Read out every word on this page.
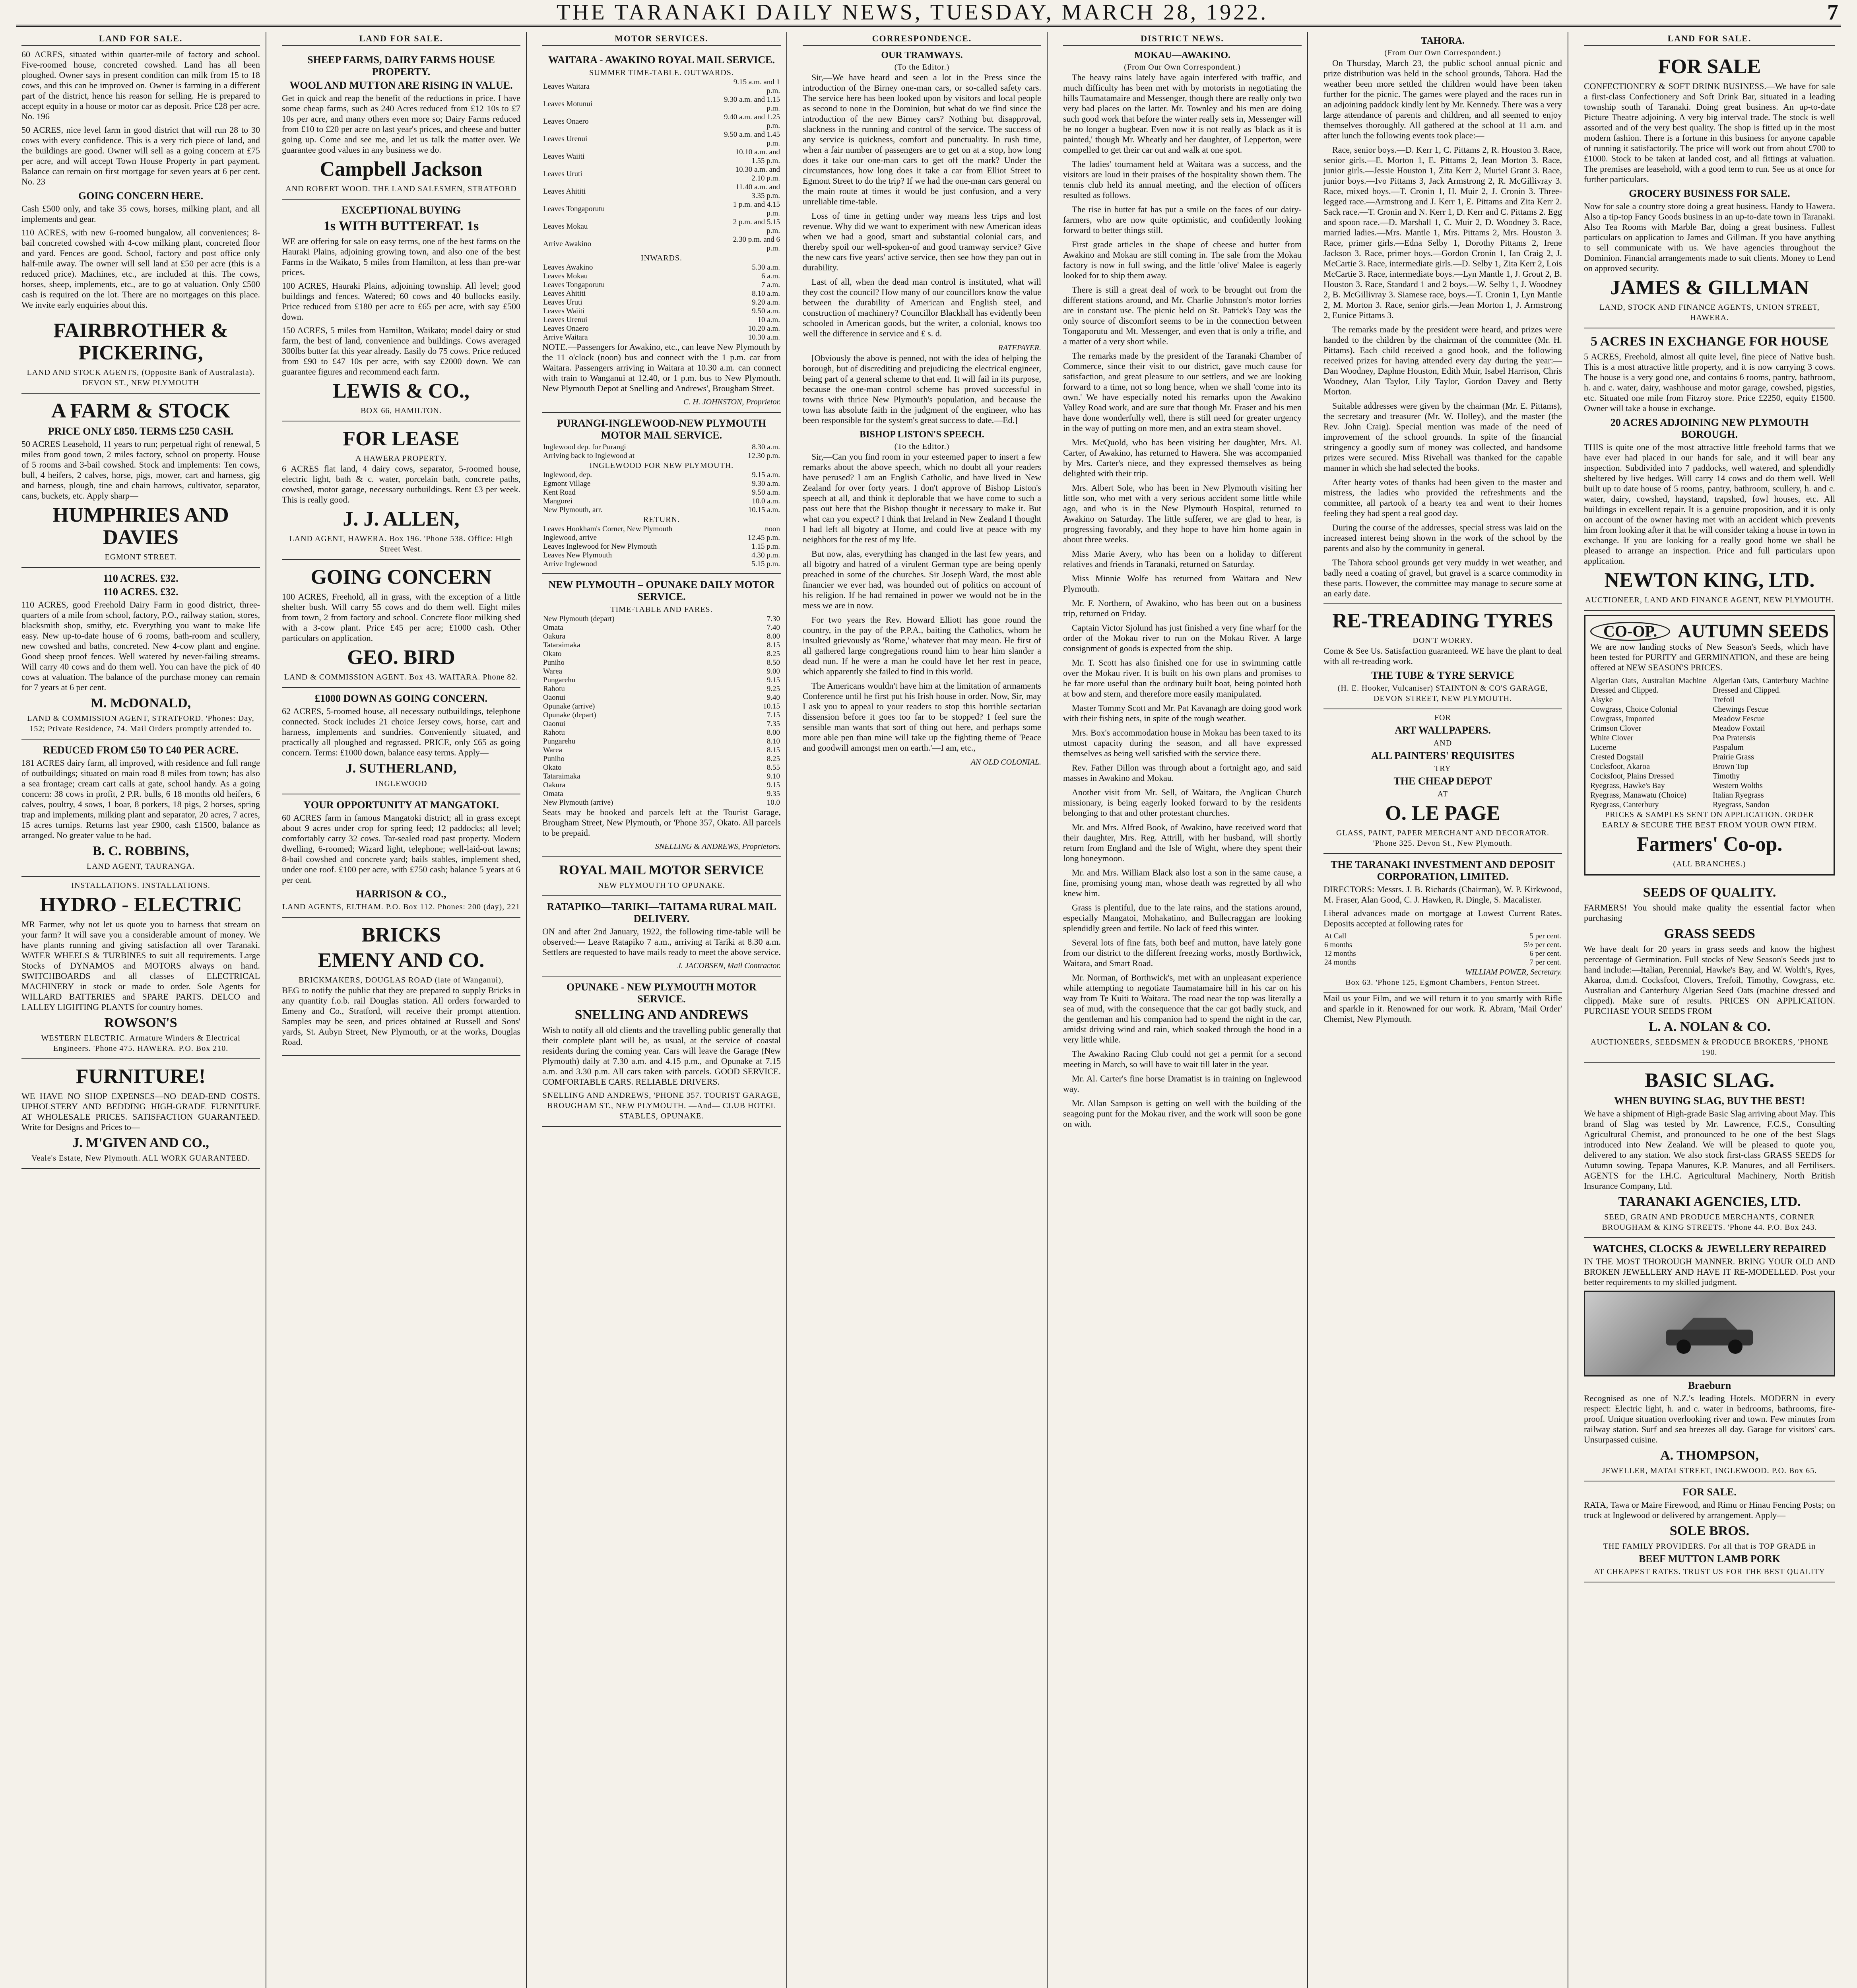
THE TARANAKI DAILY NEWS, TUESDAY, MARCH 28, 1922.	7
LAND FOR SALE.
60 ACRES, situated within quarter-mile of factory and school. Five-roomed house, concreted cowshed. Land has all been ploughed. Owner says in present condition can milk from 15 to 18 cows, and this can be improved on. Owner is farming in a different part of the district, hence his reason for selling. He is prepared to accept equity in a house or motor car as deposit. Price £28 per acre. No. 196
50 ACRES, nice level farm in good district that will run 28 to 30 cows with every confidence. This is a very rich piece of land, and the buildings are good. Owner will sell as a going concern at £75 per acre, and will accept Town House Property in part payment. Balance can remain on first mortgage for seven years at 6 per cent. No. 23
GOING CONCERN HERE.
Cash £500 only, and take 35 cows, horses, milking plant, and all implements and gear.
110 ACRES, with new 6-roomed bungalow, all conveniences; 8-bail concreted cowshed with 4-cow milking plant, concreted floor and yard. Fences are good. School, factory and post office only half-mile away. The owner will sell land at £50 per acre (this is a reduced price). Machines, etc., are included at this. The cows, horses, sheep, implements, etc., are to go at valuation. Only £500 cash is required on the lot. There are no mortgages on this place. We invite early enquiries about this.
FAIRBROTHER & PICKERING,
LAND AND STOCK AGENTS, (Opposite Bank of Australasia). DEVON ST., NEW PLYMOUTH
A FARM & STOCK
PRICE ONLY £850. TERMS £250 CASH.
50 ACRES Leasehold, 11 years to run; perpetual right of renewal, 5 miles from good town, 2 miles factory, school on property. House of 5 rooms and 3-bail cowshed. Stock and implements: Ten cows, bull, 4 heifers, 2 calves, horse, pigs, mower, cart and harness, gig and harness, plough, tine and chain harrows, cultivator, separator, cans, buckets, etc. Apply sharp—
HUMPHRIES AND DAVIES
EGMONT STREET.
110 ACRES. £32.
110 ACRES. £32.
110 ACRES, good Freehold Dairy Farm in good district, three-quarters of a mile from school, factory, P.O., railway station, stores, blacksmith shop, smithy, etc. Everything you want to make life easy. New up-to-date house of 6 rooms, bath-room and scullery, new cowshed and baths, concreted. New 4-cow plant and engine. Good sheep proof fences. Well watered by never-failing streams. Will carry 40 cows and do them well. You can have the pick of 40 cows at valuation. The balance of the purchase money can remain for 7 years at 6 per cent.
M. McDONALD,
LAND & COMMISSION AGENT, STRATFORD. 'Phones: Day, 152; Private Residence, 74. Mail Orders promptly attended to.
REDUCED FROM £50 TO £40 PER ACRE.
181 ACRES dairy farm, all improved, with residence and full range of outbuildings; situated on main road 8 miles from town; has also a sea frontage; cream cart calls at gate, school handy. As a going concern: 38 cows in profit, 2 P.R. bulls, 6 18 months old heifers, 6 calves, poultry, 4 sows, 1 boar, 8 porkers, 18 pigs, 2 horses, spring trap and implements, milking plant and separator, 20 acres, 7 acres, 15 acres turnips. Returns last year £900, cash £1500, balance as arranged. No greater value to be had.
B. C. ROBBINS,
LAND AGENT, TAURANGA.
INSTALLATIONS. INSTALLATIONS.
HYDRO - ELECTRIC
MR Farmer, why not let us quote you to harness that stream on your farm? It will save you a considerable amount of money. We have plants running and giving satisfaction all over Taranaki. WATER WHEELS & TURBINES to suit all requirements. Large Stocks of DYNAMOS and MOTORS always on hand. SWITCHBOARDS and all classes of ELECTRICAL MACHINERY in stock or made to order. Sole Agents for WILLARD BATTERIES and SPARE PARTS. DELCO and LALLEY LIGHTING PLANTS for country homes.
ROWSON'S
WESTERN ELECTRIC. Armature Winders & Electrical Engineers. 'Phone 475. HAWERA. P.O. Box 210.
FURNITURE!
WE HAVE NO SHOP EXPENSES—NO DEAD-END COSTS. UPHOLSTERY AND BEDDING HIGH-GRADE FURNITURE AT WHOLESALE PRICES. SATISFACTION GUARANTEED. Write for Designs and Prices to—
J. M'GIVEN AND CO.,
Veale's Estate, New Plymouth. ALL WORK GUARANTEED.
LAND FOR SALE.
SHEEP FARMS, DAIRY FARMS HOUSE PROPERTY.
WOOL AND MUTTON ARE RISING IN VALUE.
Get in quick and reap the benefit of the reductions in price. I have some cheap farms, such as 240 Acres reduced from £12 10s to £7 10s per acre, and many others even more so; Dairy Farms reduced from £10 to £20 per acre on last year's prices, and cheese and butter going up. Come and see me, and let us talk the matter over. We guarantee good values in any business we do.
Campbell Jackson
AND ROBERT WOOD. THE LAND SALESMEN, STRATFORD
EXCEPTIONAL BUYING
1s WITH BUTTERFAT. 1s
WE are offering for sale on easy terms, one of the best farms on the Hauraki Plains, adjoining growing town, and also one of the best Farms in the Waikato, 5 miles from Hamilton, at less than pre-war prices.
100 ACRES, Hauraki Plains, adjoining township. All level; good buildings and fences. Watered; 60 cows and 40 bullocks easily. Price reduced from £180 per acre to £65 per acre, with say £500 down.
150 ACRES, 5 miles from Hamilton, Waikato; model dairy or stud farm, the best of land, convenience and buildings. Cows averaged 300lbs butter fat this year already. Easily do 75 cows. Price reduced from £90 to £47 10s per acre, with say £2000 down. We can guarantee figures and recommend each farm.
LEWIS & CO.,
BOX 66, HAMILTON.
FOR LEASE
A HAWERA PROPERTY.
6 ACRES flat land, 4 dairy cows, separator, 5-roomed house, electric light, bath & c. water, porcelain bath, concrete paths, cowshed, motor garage, necessary outbuildings. Rent £3 per week. This is really good.
J. J. ALLEN,
LAND AGENT, HAWERA. Box 196. 'Phone 538. Office: High Street West.
GOING CONCERN
100 ACRES, Freehold, all in grass, with the exception of a little shelter bush. Will carry 55 cows and do them well. Eight miles from town, 2 from factory and school. Concrete floor milking shed with a 3-cow plant. Price £45 per acre; £1000 cash. Other particulars on application.
GEO. BIRD
LAND & COMMISSION AGENT. Box 43. WAITARA. Phone 82.
£1000 DOWN AS GOING CONCERN.
62 ACRES, 5-roomed house, all necessary outbuildings, telephone connected. Stock includes 21 choice Jersey cows, horse, cart and harness, implements and sundries. Conveniently situated, and practically all ploughed and regrassed. PRICE, only £65 as going concern. Terms: £1000 down, balance easy terms. Apply—
J. SUTHERLAND,
INGLEWOOD
YOUR OPPORTUNITY AT MANGATOKI.
60 ACRES farm in famous Mangatoki district; all in grass except about 9 acres under crop for spring feed; 12 paddocks; all level; comfortably carry 32 cows. Tar-sealed road past property. Modern dwelling, 6-roomed; Wizard light, telephone; well-laid-out lawns; 8-bail cowshed and concrete yard; bails stables, implement shed, under one roof. £100 per acre, with £750 cash; balance 5 years at 6 per cent.
HARRISON & CO.,
LAND AGENTS, ELTHAM. P.O. Box 112. Phones: 200 (day), 221
BRICKS
EMENY AND CO.
BRICKMAKERS, DOUGLAS ROAD (late of Wanganui),
BEG to notify the public that they are prepared to supply Bricks in any quantity f.o.b. rail Douglas station. All orders forwarded to Emeny and Co., Stratford, will receive their prompt attention. Samples may be seen, and prices obtained at Russell and Sons' yards, St. Aubyn Street, New Plymouth, or at the works, Douglas Road.
MOTOR SERVICES.
WAITARA - AWAKINO ROYAL MAIL SERVICE.
SUMMER TIME-TABLE. OUTWARDS.
Leaves Waitara	9.15 a.m. and 1 p.m.
Leaves Motunui	9.30 a.m. and 1.15 p.m.
Leaves Onaero	9.40 a.m. and 1.25 p.m.
Leaves Urenui	9.50 a.m. and 1.45 p.m.
Leaves Waiiti	10.10 a.m. and 1.55 p.m.
Leaves Uruti	10.30 a.m. and 2.10 p.m.
Leaves Ahititi	11.40 a.m. and 3.35 p.m.
Leaves Tongaporutu	1 p.m. and 4.15 p.m.
Leaves Mokau	2 p.m. and 5.15 p.m.
Arrive Awakino	2.30 p.m. and 6 p.m.
INWARDS.
Leaves Awakino	5.30 a.m.
Leaves Mokau	6 a.m.
Leaves Tongaporutu	7 a.m.
Leaves Ahititi	8.10 a.m.
Leaves Uruti	9.20 a.m.
Leaves Waiiti	9.50 a.m.
Leaves Urenui	10 a.m.
Leaves Onaero	10.20 a.m.
Arrive Waitara	10.30 a.m.
NOTE.—Passengers for Awakino, etc., can leave New Plymouth by the 11 o'clock (noon) bus and connect with the 1 p.m. car from Waitara. Passengers arriving in Waitara at 10.30 a.m. can connect with train to Wanganui at 12.40, or 1 p.m. bus to New Plymouth. New Plymouth Depot at Snelling and Andrews', Brougham Street.
C. H. JOHNSTON, Proprietor.
PURANGI-INGLEWOOD-NEW PLYMOUTH MOTOR MAIL SERVICE.
Inglewood dep. for Purangi	8.30 a.m.
Arriving back to Inglewood at	12.30 p.m.
INGLEWOOD FOR NEW PLYMOUTH.
Inglewood, dep.	9.15 a.m.
Egmont Village	9.30 a.m.
Kent Road	9.50 a.m.
Mangorei	10.0 a.m.
New Plymouth, arr.	10.15 a.m.
RETURN.
Leaves Hookham's Corner, New Plymouth	noon
Inglewood, arrive	12.45 p.m.
Leaves Inglewood for New Plymouth	1.15 p.m.
Leaves New Plymouth	4.30 p.m.
Arrive Inglewood	5.15 p.m.
NEW PLYMOUTH – OPUNAKE DAILY MOTOR SERVICE.
TIME-TABLE AND FARES.
New Plymouth (depart)	7.30
Omata	7.40
Oakura	8.00
Tataraimaka	8.15
Okato	8.25
Puniho	8.50
Warea	9.00
Pungarehu	9.15
Rahotu	9.25
Oaonui	9.40
Opunake (arrive)	10.15
Opunake (depart)	7.15
Oaonui	7.35
Rahotu	8.00
Pungarehu	8.10
Warea	8.15
Puniho	8.25
Okato	8.55
Tataraimaka	9.10
Oakura	9.15
Omata	9.35
New Plymouth (arrive)	10.0
Seats may be booked and parcels left at the Tourist Garage, Brougham Street, New Plymouth, or 'Phone 357, Okato. All parcels to be prepaid.
SNELLING & ANDREWS, Proprietors.
ROYAL MAIL MOTOR SERVICE
NEW PLYMOUTH TO OPUNAKE.
RATAPIKO—TARIKI—TAITAMA RURAL MAIL DELIVERY.
ON and after 2nd January, 1922, the following time-table will be observed:— Leave Ratapiko 7 a.m., arriving at Tariki at 8.30 a.m. Settlers are requested to have mails ready to meet the above service.
J. JACOBSEN, Mail Contractor.
OPUNAKE - NEW PLYMOUTH MOTOR SERVICE.
SNELLING AND ANDREWS
Wish to notify all old clients and the travelling public generally that their complete plant will be, as usual, at the service of coastal residents during the coming year. Cars will leave the Garage (New Plymouth) daily at 7.30 a.m. and 4.15 p.m., and Opunake at 7.15 a.m. and 3.30 p.m. All cars taken with parcels. GOOD SERVICE. COMFORTABLE CARS. RELIABLE DRIVERS.
SNELLING AND ANDREWS, 'PHONE 357. TOURIST GARAGE, BROUGHAM ST., NEW PLYMOUTH. —And— CLUB HOTEL STABLES, OPUNAKE.
CORRESPONDENCE.
OUR TRAMWAYS.
(To the Editor.)

Sir,—We have heard and seen a lot in the Press since the introduction of the Birney one-man cars, or so-called safety cars. The service here has been looked upon by visitors and local people as second to none in the Dominion, but what do we find since the introduction of the new Birney cars? Nothing but disapproval, slackness in the running and control of the service. The success of any service is quickness, comfort and punctuality. In rush time, when a fair number of passengers are to get on at a stop, how long does it take our one-man cars to get off the mark? Under the circumstances, how long does it take a car from Elliot Street to Egmont Street to do the trip? If we had the one-man cars general on the main route at times it would be just confusion, and a very unreliable time-table.

Loss of time in getting under way means less trips and lost revenue. Why did we want to experiment with new American ideas when we had a good, smart and substantial colonial cars, and thereby spoil our well-spoken-of and good tramway service? Give the new cars five years' active service, then see how they pan out in durability.

Last of all, when the dead man control is instituted, what will they cost the council? How many of our councillors know the value between the durability of American and English steel, and construction of machinery? Councillor Blackhall has evidently been schooled in American goods, but the writer, a colonial, knows too well the difference in service and £ s. d.

RATEPAYER.

[Obviously the above is penned, not with the idea of helping the borough, but of discrediting and prejudicing the electrical engineer, being part of a general scheme to that end. It will fail in its purpose, because the one-man control scheme has proved successful in towns with thrice New Plymouth's population, and because the town has absolute faith in the judgment of the engineer, who has been responsible for the system's great success to date.—Ed.]

BISHOP LISTON'S SPEECH.
(To the Editor.)

Sir,—Can you find room in your esteemed paper to insert a few remarks about the above speech, which no doubt all your readers have perused? I am an English Catholic, and have lived in New Zealand for over forty years. I don't approve of Bishop Liston's speech at all, and think it deplorable that we have come to such a pass out here that the Bishop thought it necessary to make it. But what can you expect? I think that Ireland in New Zealand I thought I had left all bigotry at Home, and could live at peace with my neighbors for the rest of my life.

But now, alas, everything has changed in the last few years, and all bigotry and hatred of a virulent German type are being openly preached in some of the churches. Sir Joseph Ward, the most able financier we ever had, was hounded out of politics on account of his religion. If he had remained in power we would not be in the mess we are in now.

For two years the Rev. Howard Elliott has gone round the country, in the pay of the P.P.A., baiting the Catholics, whom he insulted grievously as 'Rome,' whatever that may mean. He first of all gathered large congregations round him to hear him slander a dead nun. If he were a man he could have let her rest in peace, which apparently she failed to find in this world.

The Americans wouldn't have him at the limitation of armaments Conference until he first put his Irish house in order. Now, Sir, may I ask you to appeal to your readers to stop this horrible sectarian dissension before it goes too far to be stopped? I feel sure the sensible man wants that sort of thing out here, and perhaps some more able pen than mine will take up the fighting theme of 'Peace and goodwill amongst men on earth.'—I am, etc.,

AN OLD COLONIAL.
DISTRICT NEWS.
MOKAU—AWAKINO.
(From Our Own Correspondent.)

The heavy rains lately have again interfered with traffic, and much difficulty has been met with by motorists in negotiating the hills Taumatamaire and Messenger, though there are really only two very bad places on the latter. Mr. Townley and his men are doing such good work that before the winter really sets in, Messenger will be no longer a bugbear. Even now it is not really as 'black as it is painted,' though Mr. Wheatly and her daughter, of Lepperton, were compelled to get their car out and walk at one spot.

The ladies' tournament held at Waitara was a success, and the visitors are loud in their praises of the hospitality shown them. The tennis club held its annual meeting, and the election of officers resulted as follows.

The rise in butter fat has put a smile on the faces of our dairy-farmers, who are now quite optimistic, and confidently looking forward to better things still.

First grade articles in the shape of cheese and butter from Awakino and Mokau are still coming in. The sale from the Mokau factory is now in full swing, and the little 'olive' Malee is eagerly looked for to ship them away.

There is still a great deal of work to be brought out from the different stations around, and Mr. Charlie Johnston's motor lorries are in constant use. The picnic held on St. Patrick's Day was the only source of discomfort seems to be in the connection between Tongaporutu and Mt. Messenger, and even that is only a trifle, and a matter of a very short while.

The remarks made by the president of the Taranaki Chamber of Commerce, since their visit to our district, gave much cause for satisfaction, and great pleasure to our settlers, and we are looking forward to a time, not so long hence, when we shall 'come into its own.' We have especially noted his remarks upon the Awakino Valley Road work, and are sure that though Mr. Fraser and his men have done wonderfully well, there is still need for greater urgency in the way of putting on more men, and an extra steam shovel.

Mrs. McQuold, who has been visiting her daughter, Mrs. Al. Carter, of Awakino, has returned to Hawera. She was accompanied by Mrs. Carter's niece, and they expressed themselves as being delighted with their trip.

Mrs. Albert Sole, who has been in New Plymouth visiting her little son, who met with a very serious accident some little while ago, and who is in the New Plymouth Hospital, returned to Awakino on Saturday. The little sufferer, we are glad to hear, is progressing favorably, and they hope to have him home again in about three weeks.

Miss Marie Avery, who has been on a holiday to different relatives and friends in Taranaki, returned on Saturday.

Miss Minnie Wolfe has returned from Waitara and New Plymouth.

Mr. F. Northern, of Awakino, who has been out on a business trip, returned on Friday.

Captain Victor Sjolund has just finished a very fine wharf for the order of the Mokau river to run on the Mokau River. A large consignment of goods is expected from the ship.

Mr. T. Scott has also finished one for use in swimming cattle over the Mokau river. It is built on his own plans and promises to be far more useful than the ordinary built boat, being pointed both at bow and stern, and therefore more easily manipulated.

Master Tommy Scott and Mr. Pat Kavanagh are doing good work with their fishing nets, in spite of the rough weather.

Mrs. Box's accommodation house in Mokau has been taxed to its utmost capacity during the season, and all have expressed themselves as being well satisfied with the service there.

Rev. Father Dillon was through about a fortnight ago, and said masses in Awakino and Mokau.

Another visit from Mr. Sell, of Waitara, the Anglican Church missionary, is being eagerly looked forward to by the residents belonging to that and other protestant churches.

Mr. and Mrs. Alfred Book, of Awakino, have received word that their daughter, Mrs. Reg. Attrill, with her husband, will shortly return from England and the Isle of Wight, where they spent their long honeymoon.

Mr. and Mrs. William Black also lost a son in the same cause, a fine, promising young man, whose death was regretted by all who knew him.

Grass is plentiful, due to the late rains, and the stations around, especially Mangatoi, Mohakatino, and Bullecraggan are looking splendidly green and fertile. No lack of feed this winter.

Several lots of fine fats, both beef and mutton, have lately gone from our district to the different freezing works, mostly Borthwick, Waitara, and Smart Road.

Mr. Norman, of Borthwick's, met with an unpleasant experience while attempting to negotiate Taumatamaire hill in his car on his way from Te Kuiti to Waitara. The road near the top was literally a sea of mud, with the consequence that the car got badly stuck, and the gentleman and his companion had to spend the night in the car, amidst driving wind and rain, which soaked through the hood in a very little while.

The Awakino Racing Club could not get a permit for a second meeting in March, so will have to wait till later in the year.

Mr. Al. Carter's fine horse Dramatist is in training on Inglewood way.

Mr. Allan Sampson is getting on well with the building of the seagoing punt for the Mokau river, and the work will soon be gone on with.

TAHORA.
(From Our Own Correspondent.)

On Thursday, March 23, the public school annual picnic and prize distribution was held in the school grounds, Tahora. Had the weather been more settled the children would have been taken further for the picnic. The games were played and the races run in an adjoining paddock kindly lent by Mr. Kennedy. There was a very large attendance of parents and children, and all seemed to enjoy themselves thoroughly. All gathered at the school at 11 a.m. and after lunch the following events took place:—

Race, senior boys.—D. Kerr 1, C. Pittams 2, R. Houston 3. Race, senior girls.—E. Morton 1, E. Pittams 2, Jean Morton 3. Race, junior girls.—Jessie Houston 1, Zita Kerr 2, Muriel Grant 3. Race, junior boys.—Ivo Pittams 3, Jack Armstrong 2, R. McGillivray 3. Race, mixed boys.—T. Cronin 1, H. Muir 2, J. Cronin 3. Three-legged race.—Armstrong and J. Kerr 1, E. Pittams and Zita Kerr 2. Sack race.—T. Cronin and N. Kerr 1, D. Kerr and C. Pittams 2. Egg and spoon race.—D. Marshall 1, C. Muir 2, D. Woodney 3. Race, married ladies.—Mrs. Mantle 1, Mrs. Pittams 2, Mrs. Houston 3. Race, primer girls.—Edna Selby 1, Dorothy Pittams 2, Irene Jackson 3. Race, primer boys.—Gordon Cronin 1, Ian Craig 2, J. McCartie 3. Race, intermediate girls.—D. Selby 1, Zita Kerr 2, Lois McCartie 3. Race, intermediate boys.—Lyn Mantle 1, J. Grout 2, B. Houston 3. Race, Standard 1 and 2 boys.—W. Selby 1, J. Woodney 2, B. McGillivray 3. Siamese race, boys.—T. Cronin 1, Lyn Mantle 2, M. Morton 3. Race, senior girls.—Jean Morton 1, J. Armstrong 2, Eunice Pittams 3.

The remarks made by the president were heard, and prizes were handed to the children by the chairman of the committee (Mr. H. Pittams). Each child received a good book, and the following received prizes for having attended every day during the year:—Dan Woodney, Daphne Houston, Edith Muir, Isabel Harrison, Chris Woodney, Alan Taylor, Lily Taylor, Gordon Davey and Betty Morton.

Suitable addresses were given by the chairman (Mr. E. Pittams), the secretary and treasurer (Mr. W. Holley), and the master (the Rev. John Craig). Special mention was made of the need of improvement of the school grounds. In spite of the financial stringency a goodly sum of money was collected, and handsome prizes were secured. Miss Rivehall was thanked for the capable manner in which she had selected the books.

After hearty votes of thanks had been given to the master and mistress, the ladies who provided the refreshments and the committee, all partook of a hearty tea and went to their homes feeling they had spent a real good day.

During the course of the addresses, special stress was laid on the increased interest being shown in the work of the school by the parents and also by the community in general.

The Tahora school grounds get very muddy in wet weather, and badly need a coating of gravel, but gravel is a scarce commodity in these parts. However, the committee may manage to secure some at an early date.

RE-TREADING TYRES
DON'T WORRY.
Come & See Us. Satisfaction guaranteed. WE have the plant to deal with all re-treading work.
THE TUBE & TYRE SERVICE
(H. E. Hooker, Vulcaniser) STAINTON & CO'S GARAGE, DEVON STREET, NEW PLYMOUTH.
FOR
ART WALLPAPERS.
AND
ALL PAINTERS' REQUISITES
TRY
THE CHEAP DEPOT
AT
O. LE PAGE
GLASS, PAINT, PAPER MERCHANT AND DECORATOR. 'Phone 325. Devon St., New Plymouth.
THE TARANAKI INVESTMENT AND DEPOSIT CORPORATION, LIMITED.
DIRECTORS: Messrs. J. B. Richards (Chairman), W. P. Kirkwood, M. Fraser, Alan Good, C. J. Hawken, R. Dingle, S. Macalister.
Liberal advances made on mortgage at Lowest Current Rates. Deposits accepted at following rates for
At Call	5 per cent.
6 months	5½ per cent.
12 months	6 per cent.
24 months	7 per cent.
WILLIAM POWER, Secretary.
Box 63. 'Phone 125, Egmont Chambers, Fenton Street.
Mail us your Film, and we will return it to you smartly with Rifle and sparkle in it. Renowned for our work. R. Abram, 'Mail Order' Chemist, New Plymouth.
LAND FOR SALE.
FOR SALE
CONFECTIONERY & SOFT DRINK BUSINESS.—We have for sale a first-class Confectionery and Soft Drink Bar, situated in a leading township south of Taranaki. Doing great business. An up-to-date Picture Theatre adjoining. A very big interval trade. The stock is well assorted and of the very best quality. The shop is fitted up in the most modern fashion. There is a fortune in this business for anyone capable of running it satisfactorily. The price will work out from about £700 to £1000. Stock to be taken at landed cost, and all fittings at valuation. The premises are leasehold, with a good term to run. See us at once for further particulars.
GROCERY BUSINESS FOR SALE.
Now for sale a country store doing a great business. Handy to Hawera. Also a tip-top Fancy Goods business in an up-to-date town in Taranaki. Also Tea Rooms with Marble Bar, doing a great business. Fullest particulars on application to James and Gillman. If you have anything to sell communicate with us. We have agencies throughout the Dominion. Financial arrangements made to suit clients. Money to Lend on approved security.
JAMES & GILLMAN
LAND, STOCK AND FINANCE AGENTS, UNION STREET, HAWERA.
5 ACRES IN EXCHANGE FOR HOUSE
5 ACRES, Freehold, almost all quite level, fine piece of Native bush. This is a most attractive little property, and it is now carrying 3 cows. The house is a very good one, and contains 6 rooms, pantry, bathroom, h. and c. water, dairy, washhouse and motor garage, cowshed, pigsties, etc. Situated one mile from Fitzroy store. Price £2250, equity £1500. Owner will take a house in exchange.
20 ACRES ADJOINING NEW PLYMOUTH BOROUGH.
THIS is quite one of the most attractive little freehold farms that we have ever had placed in our hands for sale, and it will bear any inspection. Subdivided into 7 paddocks, well watered, and splendidly sheltered by live hedges. Will carry 14 cows and do them well. Well built up to date house of 5 rooms, pantry, bathroom, scullery, h. and c. water, dairy, cowshed, haystand, trapshed, fowl houses, etc. All buildings in excellent repair. It is a genuine proposition, and it is only on account of the owner having met with an accident which prevents him from looking after it that he will consider taking a house in town in exchange. If you are looking for a really good home we shall be pleased to arrange an inspection. Price and full particulars upon application.
NEWTON KING, LTD.
AUCTIONEER, LAND AND FINANCE AGENT, NEW PLYMOUTH.
CO-OP.	AUTUMN SEEDS
We are now landing stocks of New Season's Seeds, which have been tested for PURITY and GERMINATION, and these are being offered at NEW SEASON'S PRICES.
Algerian Oats, Australian Machine Dressed and Clipped.
Algerian Oats, Canterbury Machine Dressed and Clipped.
Alsyke	Trefoil
Cowgrass, Choice Colonial	Chewings Fescue
Cowgrass, Imported	Meadow Fescue
Crimson Clover	Meadow Foxtail
White Clover	Poa Pratensis
Lucerne	Paspalum
Crested Dogstail	Prairie Grass
Cocksfoot, Akaroa	Brown Top
Cocksfoot, Plains Dressed	Timothy
Ryegrass, Hawke's Bay	Western Wolths
Ryegrass, Manawatu (Choice)	Italian Ryegrass
Ryegrass, Canterbury	Ryegrass, Sandon
PRICES & SAMPLES SENT ON APPLICATION. ORDER EARLY & SECURE THE BEST FROM YOUR OWN FIRM.
Farmers' Co-op.
(ALL BRANCHES.)
SEEDS OF QUALITY.
FARMERS! You should make quality the essential factor when purchasing
GRASS SEEDS
We have dealt for 20 years in grass seeds and know the highest percentage of Germination. Full stocks of New Season's Seeds just to hand include:—Italian, Perennial, Hawke's Bay, and W. Wolth's, Ryes, Akaroa, d.m.d. Cocksfoot, Clovers, Trefoil, Timothy, Cowgrass, etc. Australian and Canterbury Algerian Seed Oats (machine dressed and clipped). Make sure of results. PRICES ON APPLICATION. PURCHASE YOUR SEEDS FROM
L. A. NOLAN & CO.
AUCTIONEERS, SEEDSMEN & PRODUCE BROKERS, 'PHONE 190.
BASIC SLAG.
WHEN BUYING SLAG, BUY THE BEST!
We have a shipment of High-grade Basic Slag arriving about May. This brand of Slag was tested by Mr. Lawrence, F.C.S., Consulting Agricultural Chemist, and pronounced to be one of the best Slags introduced into New Zealand. We will be pleased to quote you, delivered to any station. We also stock first-class GRASS SEEDS for Autumn sowing. Tepapa Manures, K.P. Manures, and all Fertilisers. AGENTS for the I.H.C. Agricultural Machinery, North British Insurance Company, Ltd.
TARANAKI AGENCIES, LTD.
SEED, GRAIN AND PRODUCE MERCHANTS, CORNER BROUGHAM & KING STREETS. 'Phone 44. P.O. Box 243.
WATCHES, CLOCKS & JEWELLERY REPAIRED
IN THE MOST THOROUGH MANNER. BRING YOUR OLD AND BROKEN JEWELLERY AND HAVE IT RE-MODELLED. Post your better requirements to my skilled judgment.
Braeburn
Recognised as one of N.Z.'s leading Hotels. MODERN in every respect: Electric light, h. and c. water in bedrooms, bathrooms, fire-proof. Unique situation overlooking river and town. Few minutes from railway station. Surf and sea breezes all day. Garage for visitors' cars. Unsurpassed cuisine.
A. THOMPSON,
JEWELLER, MATAI STREET, INGLEWOOD. P.O. Box 65.
FOR SALE.
RATA, Tawa or Maire Firewood, and Rimu or Hinau Fencing Posts; on truck at Inglewood or delivered by arrangement. Apply—
SOLE BROS.
THE FAMILY PROVIDERS. For all that is TOP GRADE in
BEEF MUTTON LAMB PORK
AT CHEAPEST RATES. TRUST US FOR THE BEST QUALITY
